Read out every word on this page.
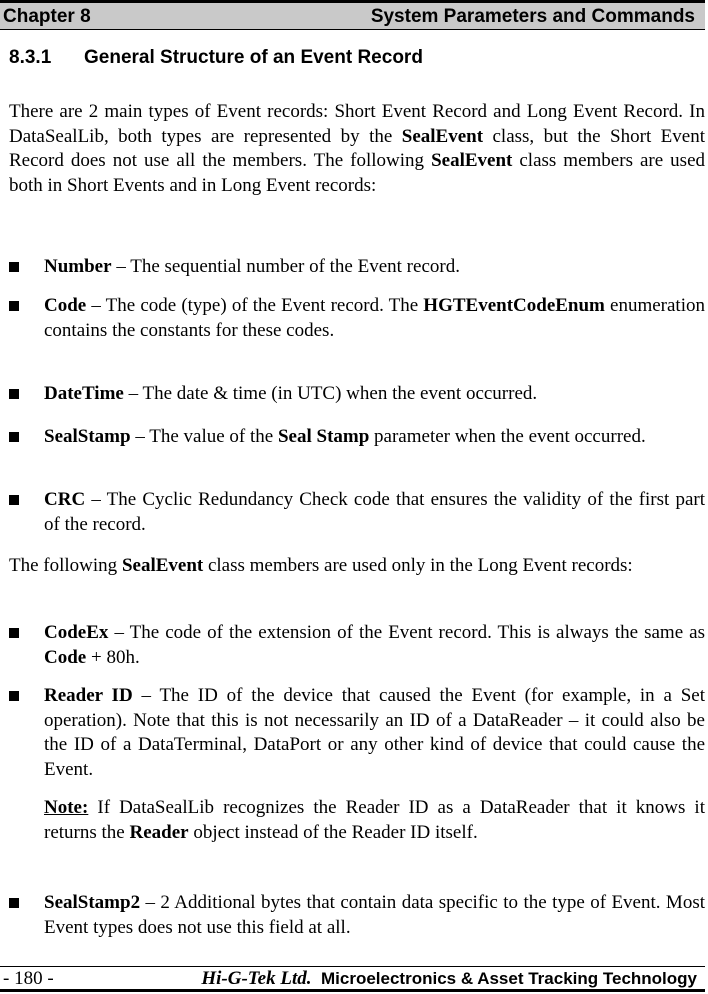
Chapter 8	System Parameters and Commands
8.3.1 General Structure of an Event Record
There are 2 main types of Event records: Short Event Record and Long Event Record. In DataSealLib, both types are represented by the SealEvent class, but the Short Event Record does not use all the members. The following SealEvent class members are used both in Short Events and in Long Event records:
Number – The sequential number of the Event record.
Code – The code (type) of the Event record. The HGTEventCodeEnum enumeration contains the constants for these codes.
DateTime – The date & time (in UTC) when the event occurred.
SealStamp – The value of the Seal Stamp parameter when the event occurred.
CRC – The Cyclic Redundancy Check code that ensures the validity of the first part of the record.
The following SealEvent class members are used only in the Long Event records:
CodeEx – The code of the extension of the Event record. This is always the same as Code + 80h.
Reader ID – The ID of the device that caused the Event (for example, in a Set operation). Note that this is not necessarily an ID of a DataReader – it could also be the ID of a DataTerminal, DataPort or any other kind of device that could cause the Event.
Note: If DataSealLib recognizes the Reader ID as a DataReader that it knows it returns the Reader object instead of the Reader ID itself.
SealStamp2 – 2 Additional bytes that contain data specific to the type of Event. Most Event types does not use this field at all.
- 180 -	Hi-G-Tek Ltd. Microelectronics & Asset Tracking Technology
